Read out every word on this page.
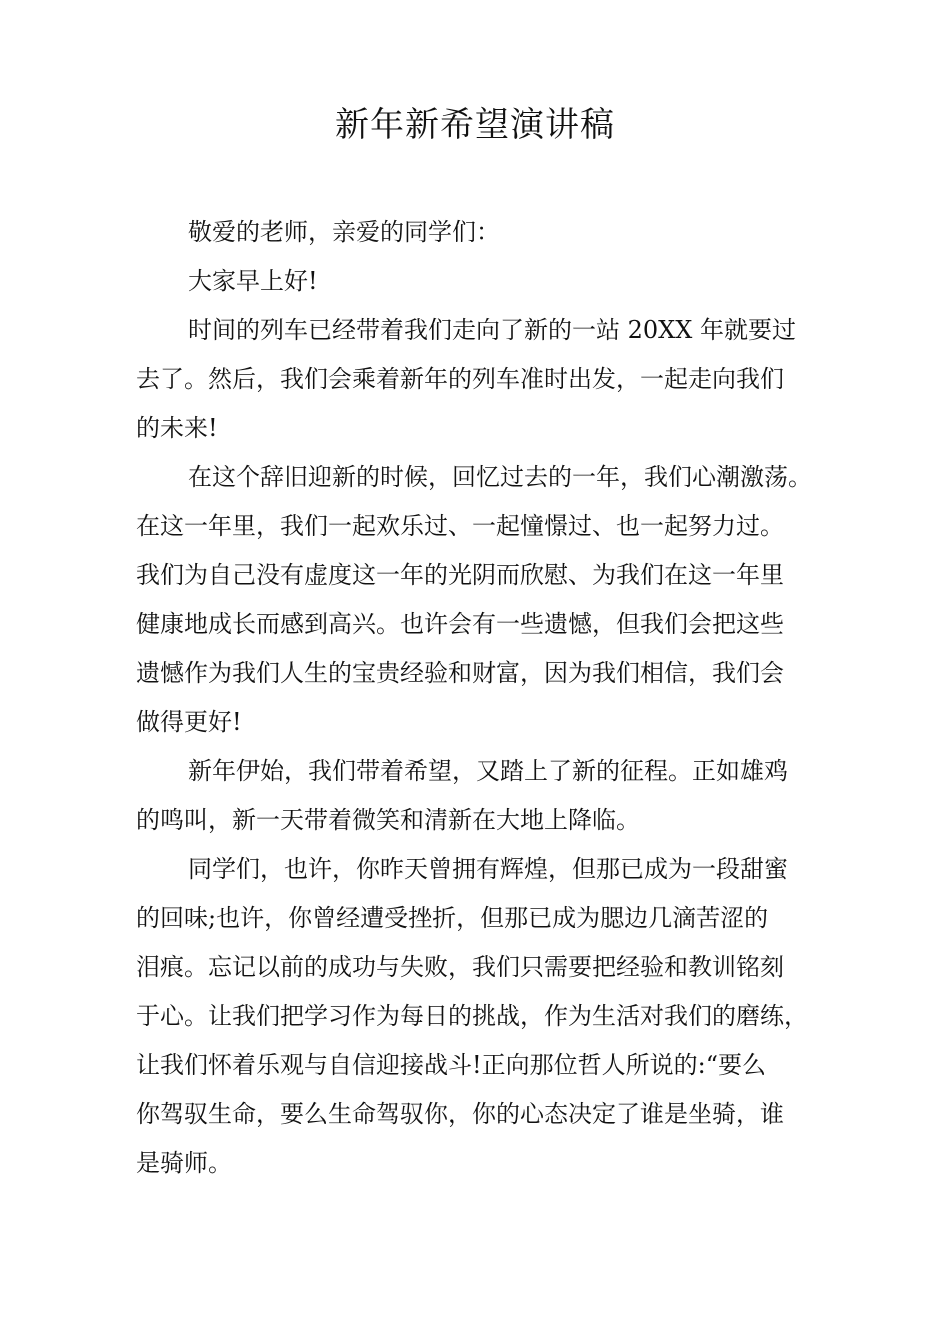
新年新希望演讲稿

敬爱的老师，亲爱的同学们：

大家早上好!

时间的列车已经带着我们走向了新的一站 20XX 年就要过

去了。然后，我们会乘着新年的列车准时出发，一起走向我们

的未来!

在这个辞旧迎新的时候，回忆过去的一年，我们心潮激荡。

在这一年里，我们一起欢乐过、一起憧憬过、也一起努力过。

我们为自己没有虚度这一年的光阴而欣慰、为我们在这一年里

健康地成长而感到高兴。也许会有一些遗憾，但我们会把这些

遗憾作为我们人生的宝贵经验和财富，因为我们相信，我们会

做得更好!

新年伊始，我们带着希望，又踏上了新的征程。正如雄鸡

的鸣叫，新一天带着微笑和清新在大地上降临。

同学们，也许，你昨天曾拥有辉煌，但那已成为一段甜蜜

的回味;也许，你曾经遭受挫折，但那已成为腮边几滴苦涩的

泪痕。忘记以前的成功与失败，我们只需要把经验和教训铭刻

于心。让我们把学习作为每日的挑战，作为生活对我们的磨练，

让我们怀着乐观与自信迎接战斗!正向那位哲人所说的:“要么

你驾驭生命，要么生命驾驭你，你的心态决定了谁是坐骑，谁

是骑师。
